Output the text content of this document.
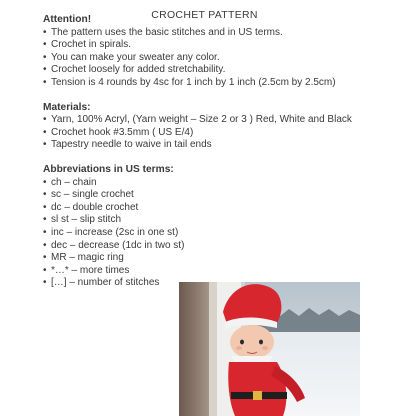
CROCHET PATTERN
Attention!
• The pattern uses the basic stitches and in US terms.
• Crochet in spirals.
• You can make your sweater any color.
• Crochet loosely for added stretchability.
• Tension is 4 rounds by 4sc for 1 inch by 1 inch (2.5cm by 2.5cm)
Materials:
• Yarn, 100% Acryl, (Yarn weight – Size 2 or 3 ) Red, White and Black
• Crochet hook #3.5mm ( US E/4)
• Tapestry needle to waive in tail ends
Abbreviations in US terms:
• ch – chain
• sc – single crochet
• dc – double crochet
• sl st – slip stitch
• inc – increase (2sc in one st)
• dec – decrease (1dc in two st)
• MR – magic ring
• *…* – more times
• […] – number of stitches
